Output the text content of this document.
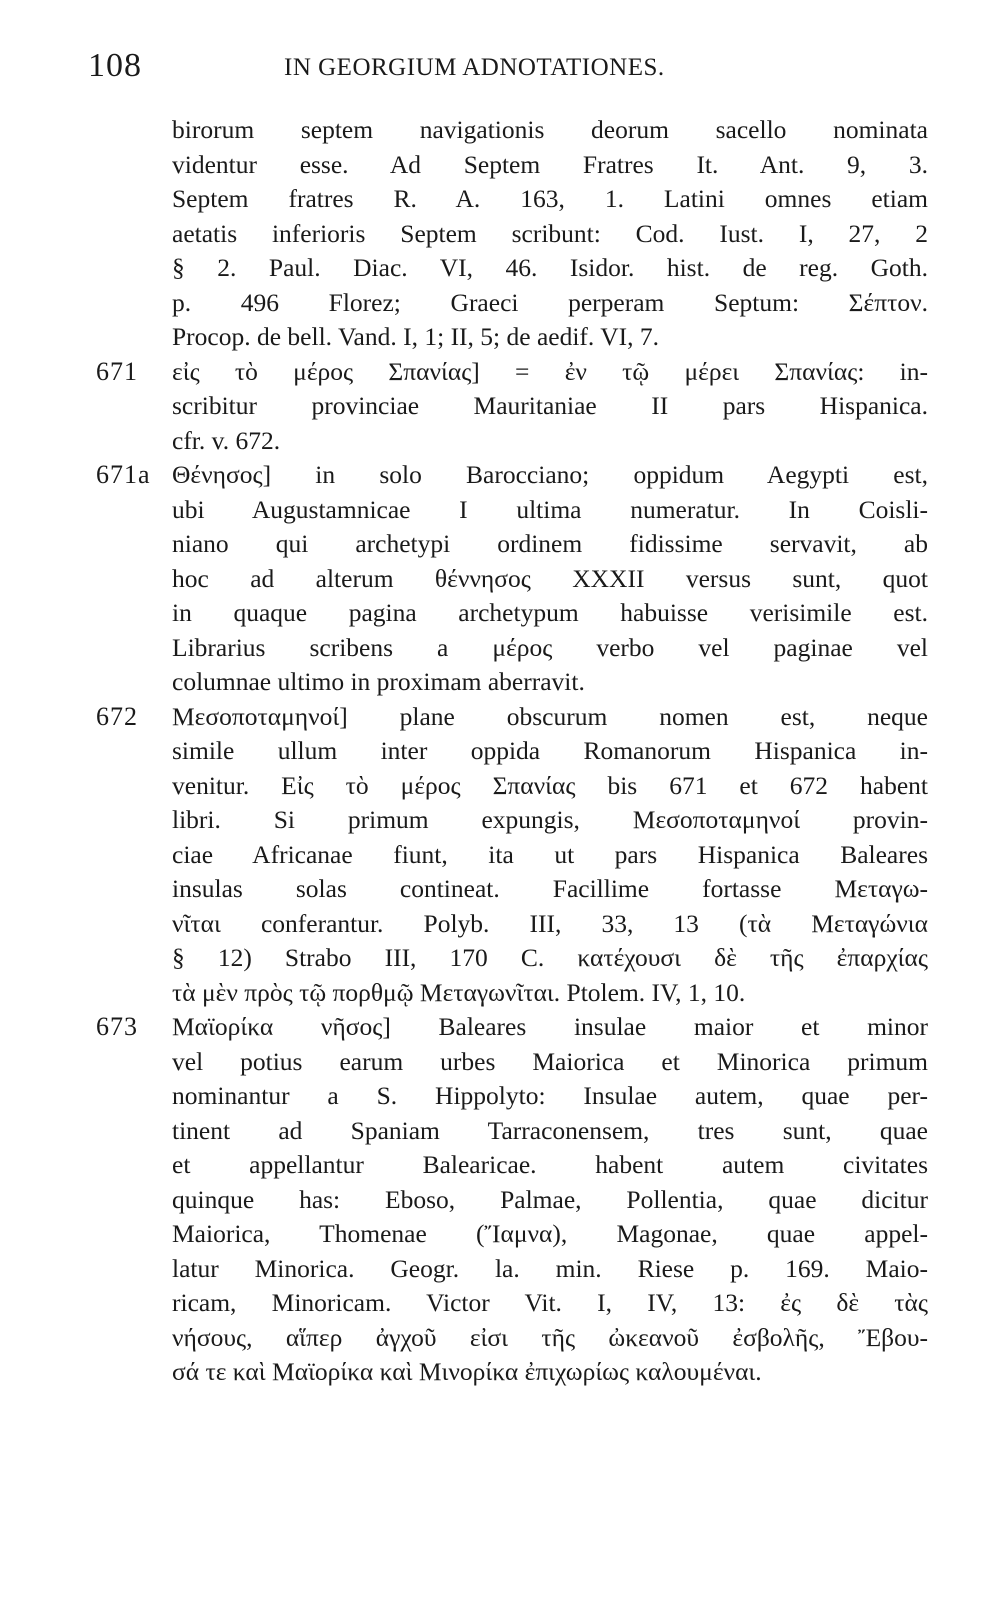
108	IN GEORGIUM ADNOTATIONES.
birorum septem navigationis deorum sacello nominata
videntur esse. Ad Septem Fratres It. Ant. 9, 3.
Septem fratres R. A. 163, 1. Latini omnes etiam
aetatis inferioris Septem scribunt: Cod. Iust. I, 27, 2
§ 2. Paul. Diac. VI, 46. Isidor. hist. de reg. Goth.
p. 496 Florez; Graeci perperam Septum: Σέπτον.
Procop. de bell. Vand. I, 1; II, 5; de aedif. VI, 7.
671 εἰς τὸ μέρος Σπανίας] = ἐν τῷ μέρει Σπανίας: in-
scribitur provinciae Mauritaniae II pars Hispanica.
cfr. v. 672.
671a Θένησος] in solo Barocciano; oppidum Aegypti est,
ubi Augustamnicae I ultima numeratur. In Coisli-
niano qui archetypi ordinem fidissime servavit, ab
hoc ad alterum θέννησος XXXII versus sunt, quot
in quaque pagina archetypum habuisse verisimile est.
Librarius scribens a μέρος verbo vel paginae vel
columnae ultimo in proximam aberravit.
672 Μεσοποταμηνοί] plane obscurum nomen est, neque
simile ullum inter oppida Romanorum Hispanica in-
venitur. Εἰς τὸ μέρος Σπανίας bis 671 et 672 habent
libri. Si primum expungis, Μεσοποταμηνοί provin-
ciae Africanae fiunt, ita ut pars Hispanica Baleares
insulas solas contineat. Facillime fortasse Μεταγω-
νῖται conferantur. Polyb. III, 33, 13 (τὰ Μεταγώνια
§ 12) Strabo III, 170 C. κατέχουσι δὲ τῆς ἐπαρχίας
τὰ μὲν πρὸς τῷ πορθμῷ Μεταγωνῖται. Ptolem. IV, 1, 10.
673 Μαϊορίκα νῆσος] Baleares insulae maior et minor
vel potius earum urbes Maiorica et Minorica primum
nominantur a S. Hippolyto: Insulae autem, quae per-
tinent ad Spaniam Tarraconensem, tres sunt, quae
et appellantur Balearicae. habent autem civitates
quinque has: Eboso, Palmae, Pollentia, quae dicitur
Maiorica, Thomenae (Ἴαμνα), Magonae, quae appel-
latur Minorica. Geogr. la. min. Riese p. 169. Maio-
ricam, Minoricam. Victor Vit. I, IV, 13: ἐς δὲ τὰς
νήσους, αἵπερ ἀγχοῦ εἰσι τῆς ὠκεανοῦ ἐσβολῆς, Ἔβου-
σά τε καὶ Μαϊορίκα καὶ Μινορίκα ἐπιχωρίως καλουμέναι.
